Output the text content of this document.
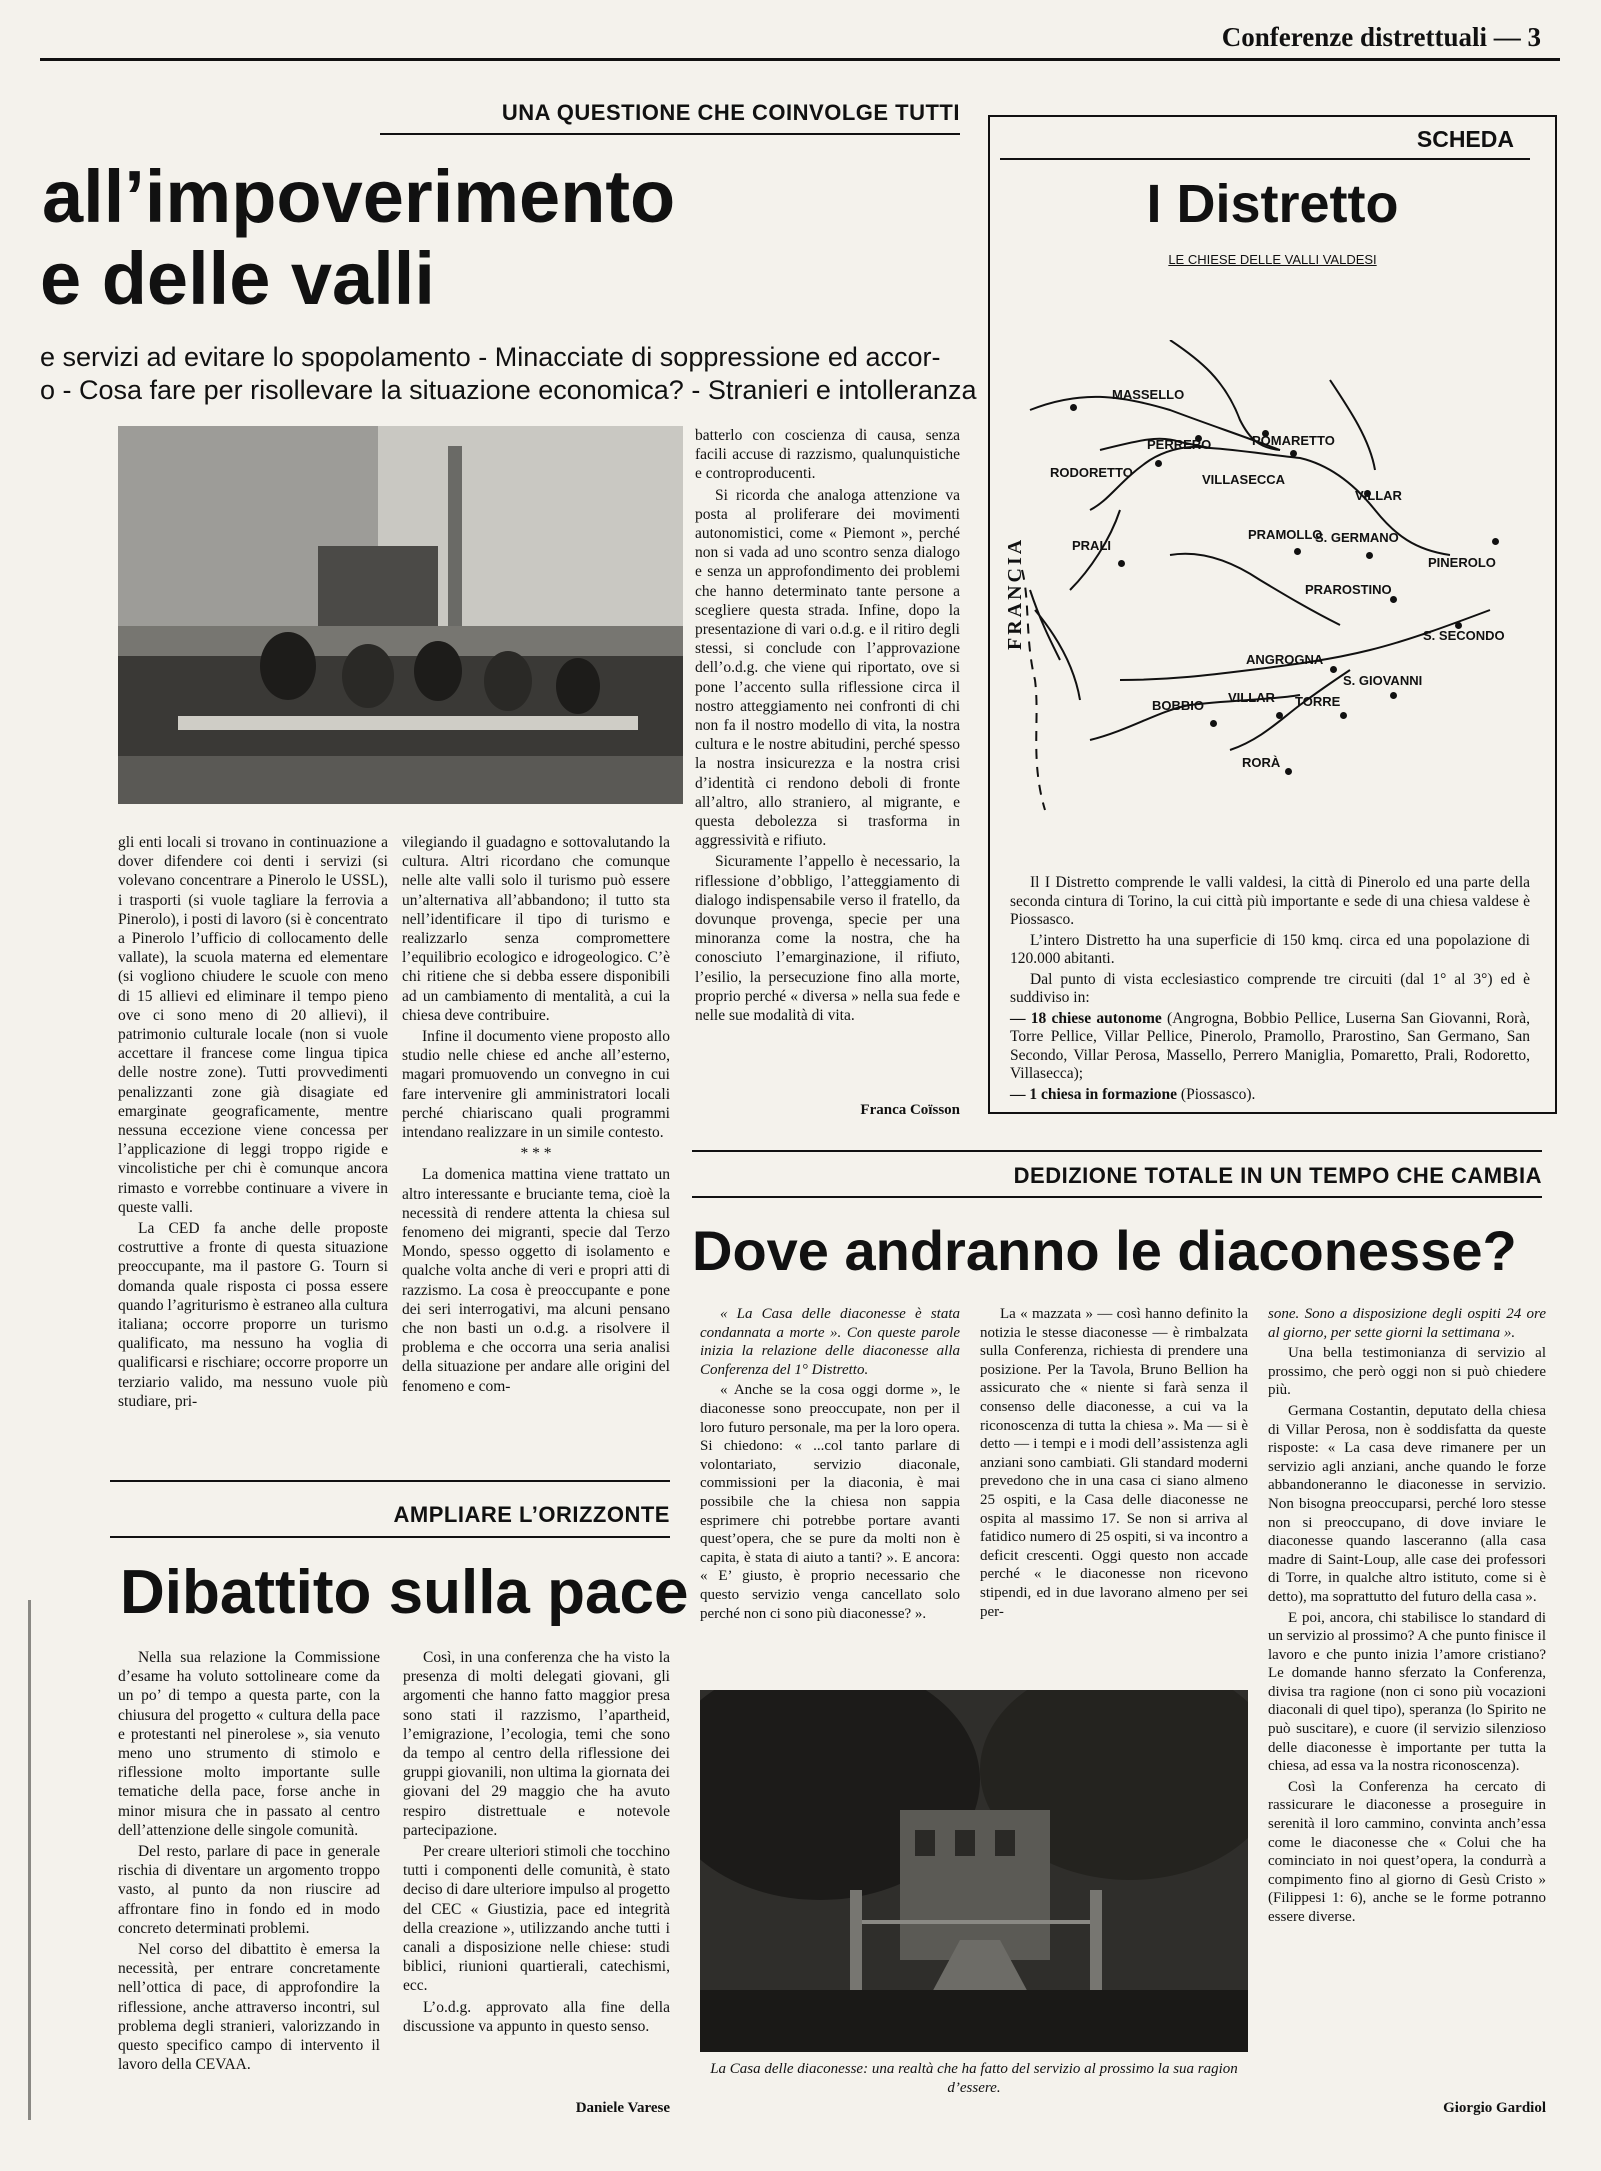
Conferenze distrettuali — 3
UNA QUESTIONE CHE COINVOLGE TUTTI
all’impoverimento
e delle valli
e servizi ad evitare lo spopolamento - Minacciate di soppressione ed accor-
o - Cosa fare per risollevare la situazione economica? - Stranieri e intolleranza

gli enti locali si trovano in continuazione a dover difendere coi denti i servizi (si volevano concentrare a Pinerolo le USSL), i trasporti (si vuole tagliare la ferrovia a Pinerolo), i posti di lavoro (si è concentrato a Pinerolo l’ufficio di collocamento delle vallate), la scuola materna ed elementare (si vogliono chiudere le scuole con meno di 15 allievi ed eliminare il tempo pieno ove ci sono meno di 20 allievi), il patrimonio culturale locale (non si vuole accettare il francese come lingua tipica delle nostre zone). Tutti provvedimenti penalizzanti zone già disagiate ed emarginate geograficamente, mentre nessuna eccezione viene concessa per l’applicazione di leggi troppo rigide e vincolistiche per chi è comunque ancora rimasto e vorrebbe continuare a vivere in queste valli.

La CED fa anche delle proposte costruttive a fronte di questa situazione preoccupante, ma il pastore G. Tourn si domanda quale risposta ci possa essere quando l’agriturismo è estraneo alla cultura italiana; occorre proporre un turismo qualificato, ma nessuno ha voglia di qualificarsi e rischiare; occorre proporre un terziario valido, ma nessuno vuole più studiare, pri-

vilegiando il guadagno e sottovalutando la cultura. Altri ricordano che comunque nelle alte valli solo il turismo può essere un’alternativa all’abbandono; il tutto sta nell’identificare il tipo di turismo e realizzarlo senza compromettere l’equilibrio ecologico e idrogeologico. C’è chi ritiene che si debba essere disponibili ad un cambiamento di mentalità, a cui la chiesa deve contribuire.

Infine il documento viene proposto allo studio nelle chiese ed anche all’esterno, magari promuovendo un convegno in cui fare intervenire gli amministratori locali perché chiariscano quali programmi intendano realizzare in un simile contesto.

* * *

La domenica mattina viene trattato un altro interessante e bruciante tema, cioè la necessità di rendere attenta la chiesa sul fenomeno dei migranti, specie dal Terzo Mondo, spesso oggetto di isolamento e qualche volta anche di veri e propri atti di razzismo. La cosa è preoccupante e pone dei seri interrogativi, ma alcuni pensano che non basti un o.d.g. a risolvere il problema e che occorra una seria analisi della situazione per andare alle origini del fenomeno e com-

batterlo con coscienza di causa, senza facili accuse di razzismo, qualunquistiche e controproducenti.

Si ricorda che analoga attenzione va posta al proliferare dei movimenti autonomistici, come « Piemont », perché non si vada ad uno scontro senza dialogo e senza un approfondimento dei problemi che hanno determinato tante persone a scegliere questa strada. Infine, dopo la presentazione di vari o.d.g. e il ritiro degli stessi, si conclude con l’approvazione dell’o.d.g. che viene qui riportato, ove si pone l’accento sulla riflessione circa il nostro atteggiamento nei confronti di chi non fa il nostro modello di vita, la nostra cultura e le nostre abitudini, perché spesso la nostra insicurezza e la nostra crisi d’identità ci rendono deboli di fronte all’altro, allo straniero, al migrante, e questa debolezza si trasforma in aggressività e rifiuto.

Sicuramente l’appello è necessario, la riflessione d’obbligo, l’atteggiamento di dialogo indispensabile verso il fratello, da dovunque provenga, specie per una minoranza come la nostra, che ha conosciuto l’emarginazione, il rifiuto, l’esilio, la persecuzione fino alla morte, proprio perché « diversa » nella sua fede e nelle sue modalità di vita.

Franca Coïsson
SCHEDA
I Distretto
LE CHIESE DELLE VALLI VALDESI
MASSELLO
PERRERO	POMARETTO
RODORETTO	VILLASECCA
VILLAR
PRALI
PRAMOLLO
S. GERMANO
PINEROLO
PRAROSTINO
S. SECONDO
ANGROGNA
S. GIOVANNI
BOBBIO
VILLAR TORRE
RORÀ
FRANCIA

Il I Distretto comprende le valli valdesi, la città di Pinerolo ed una parte della seconda cintura di Torino, la cui città più importante e sede di una chiesa valdese è Piossasco.

L’intero Distretto ha una superficie di 150 kmq. circa ed una popolazione di 120.000 abitanti.

Dal punto di vista ecclesiastico comprende tre circuiti (dal 1° al 3°) ed è suddiviso in:

— 18 chiese autonome (Angrogna, Bobbio Pellice, Luserna San Giovanni, Rorà, Torre Pellice, Villar Pellice, Pinerolo, Pramollo, Prarostino, San Germano, San Secondo, Villar Perosa, Massello, Perrero Maniglia, Pomaretto, Prali, Rodoretto, Villasecca);

— 1 chiesa in formazione (Piossasco).

AMPLIARE L’ORIZZONTE
Dibattito sulla pace

Nella sua relazione la Commissione d’esame ha voluto sottolineare come da un po’ di tempo a questa parte, con la chiusura del progetto « cultura della pace e protestanti nel pinerolese », sia venuto meno uno strumento di stimolo e riflessione molto importante sulle tematiche della pace, forse anche in minor misura che in passato al centro dell’attenzione delle singole comunità.

Del resto, parlare di pace in generale rischia di diventare un argomento troppo vasto, al punto da non riuscire ad affrontare fino in fondo ed in modo concreto determinati problemi.

Nel corso del dibattito è emersa la necessità, per entrare concretamente nell’ottica di pace, di approfondire la riflessione, anche attraverso incontri, sul problema degli stranieri, valorizzando in questo specifico campo di intervento il lavoro della CEVAA.

Così, in una conferenza che ha visto la presenza di molti delegati giovani, gli argomenti che hanno fatto maggior presa sono stati il razzismo, l’apartheid, l’emigrazione, l’ecologia, temi che sono da tempo al centro della riflessione dei gruppi giovanili, non ultima la giornata dei giovani del 29 maggio che ha avuto respiro distrettuale e notevole partecipazione.

Per creare ulteriori stimoli che tocchino tutti i componenti delle comunità, è stato deciso di dare ulteriore impulso al progetto del CEC « Giustizia, pace ed integrità della creazione », utilizzando anche tutti i canali a disposizione nelle chiese: studi biblici, riunioni quartierali, catechismi, ecc.

L’o.d.g. approvato alla fine della discussione va appunto in questo senso.

Daniele Varese
DEDIZIONE TOTALE IN UN TEMPO CHE CAMBIA
Dove andranno le diaconesse?

« La Casa delle diaconesse è stata condannata a morte ». Con queste parole inizia la relazione delle diaconesse alla Conferenza del 1° Distretto.

« Anche se la cosa oggi dorme », le diaconesse sono preoccupate, non per il loro futuro personale, ma per la loro opera. Si chiedono: « ...col tanto parlare di volontariato, servizio diaconale, commissioni per la diaconia, è mai possibile che la chiesa non sappia esprimere chi potrebbe portare avanti quest’opera, che se pure da molti non è capita, è stata di aiuto a tanti? ». E ancora: « E’ giusto, è proprio necessario che questo servizio venga cancellato solo perché non ci sono più diaconesse? ».

La « mazzata » — così hanno definito la notizia le stesse diaconesse — è rimbalzata sulla Conferenza, richiesta di prendere una posizione. Per la Tavola, Bruno Bellion ha assicurato che « niente si farà senza il consenso delle diaconesse, a cui va la riconoscenza di tutta la chiesa ». Ma — si è detto — i tempi e i modi dell’assistenza agli anziani sono cambiati. Gli standard moderni prevedono che in una casa ci siano almeno 25 ospiti, e la Casa delle diaconesse ne ospita al massimo 17. Se non si arriva al fatidico numero di 25 ospiti, si va incontro a deficit crescenti. Oggi questo non accade perché « le diaconesse non ricevono stipendi, ed in due lavorano almeno per sei per-

sone. Sono a disposizione degli ospiti 24 ore al giorno, per sette giorni la settimana ».

Una bella testimonianza di servizio al prossimo, che però oggi non si può chiedere più.

Germana Costantin, deputato della chiesa di Villar Perosa, non è soddisfatta da queste risposte: « La casa deve rimanere per un servizio agli anziani, anche quando le forze abbandoneranno le diaconesse in servizio. Non bisogna preoccuparsi, perché loro stesse non si preoccupano, di dove inviare le diaconesse quando lasceranno (alla casa madre di Saint-Loup, alle case dei professori di Torre, in qualche altro istituto, come si è detto), ma soprattutto del futuro della casa ».

E poi, ancora, chi stabilisce lo standard di un servizio al prossimo? A che punto finisce il lavoro e che punto inizia l’amore cristiano? Le domande hanno sferzato la Conferenza, divisa tra ragione (non ci sono più vocazioni diaconali di quel tipo), speranza (lo Spirito ne può suscitare), e cuore (il servizio silenzioso delle diaconesse è importante per tutta la chiesa, ad essa va la nostra riconoscenza).

Così la Conferenza ha cercato di rassicurare le diaconesse a proseguire in serenità il loro cammino, convinta anch’essa come le diaconesse che « Colui che ha cominciato in noi quest’opera, la condurrà a compimento fino al giorno di Gesù Cristo » (Filippesi 1: 6), anche se le forme potranno essere diverse.

Giorgio Gardiol
La Casa delle diaconesse: una realtà che ha fatto del servizio al prossimo la sua ragion d’essere.
